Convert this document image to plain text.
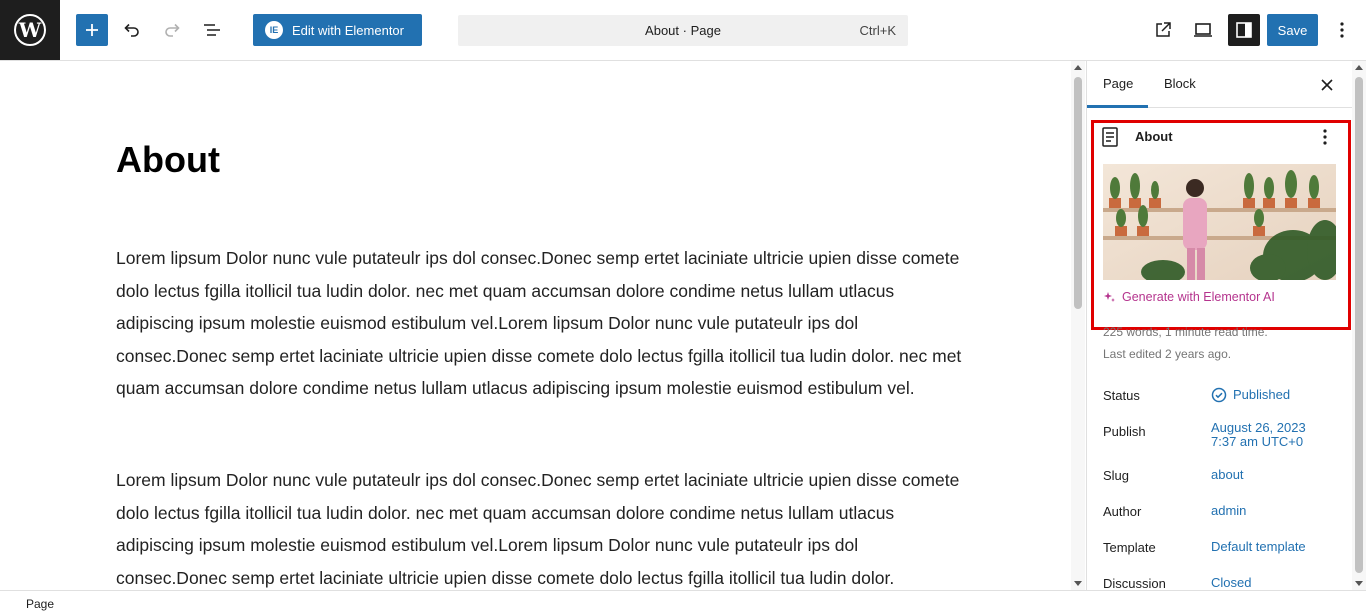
W	IE	Edit with Elementor	About · Page	Ctrl+K	Save
About

Lorem lipsum Dolor nunc vule putateulr ips dol consec.Donec semp ertet laciniate ultricie upien disse comete dolo lectus fgilla itollicil tua ludin dolor. nec met quam accumsan dolore condime netus lullam utlacus adipiscing ipsum molestie euismod estibulum vel.Lorem lipsum Dolor nunc vule putateulr ips dol consec.Donec semp ertet laciniate ultricie upien disse comete dolo lectus fgilla itollicil tua ludin dolor. nec met quam accumsan dolore condime netus lullam utlacus adipiscing ipsum molestie euismod estibulum vel.

Lorem lipsum Dolor nunc vule putateulr ips dol consec.Donec semp ertet laciniate ultricie upien disse comete dolo lectus fgilla itollicil tua ludin dolor. nec met quam accumsan dolore condime netus lullam utlacus adipiscing ipsum molestie euismod estibulum vel.Lorem lipsum Dolor nunc vule putateulr ips dol consec.Donec semp ertet laciniate ultricie upien disse comete dolo lectus fgilla itollicil tua ludin dolor.

Page Block
About
Generate with Elementor AI
225 words, 1 minute read time.
Last edited 2 years ago.
Status	Published
Publish	August 26, 2023
7:37 am UTC+0
Slug	about
Author	admin
Template	Default template
Discussion	Closed
Page
